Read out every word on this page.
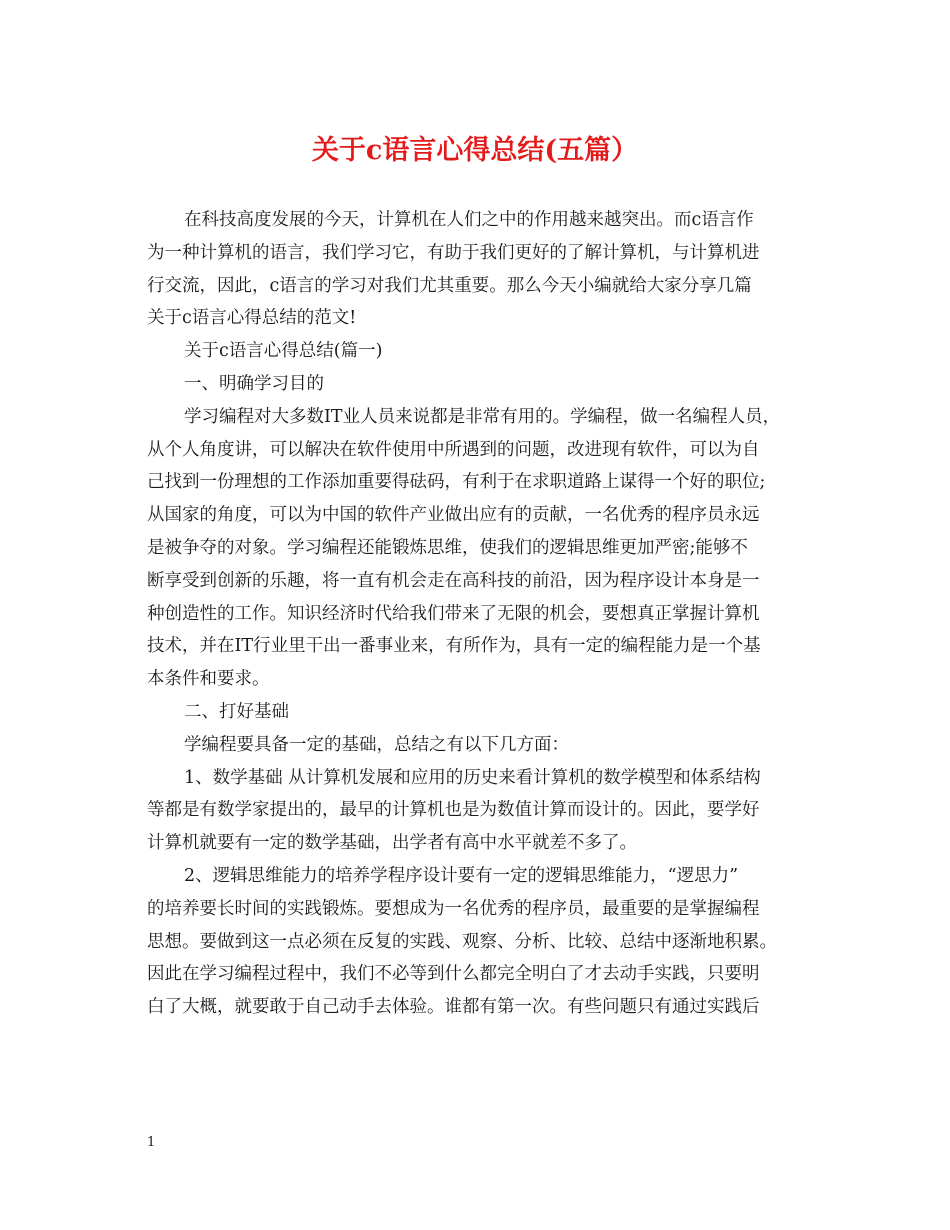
关于c语言心得总结(五篇）
在科技高度发展的今天，计算机在人们之中的作用越来越突出。而c语言作
为一种计算机的语言，我们学习它，有助于我们更好的了解计算机，与计算机进
行交流，因此，c语言的学习对我们尤其重要。那么今天小编就给大家分享几篇
关于c语言心得总结的范文!
关于c语言心得总结(篇一)
一、明确学习目的
学习编程对大多数IT业人员来说都是非常有用的。学编程，做一名编程人员，
从个人角度讲，可以解决在软件使用中所遇到的问题，改进现有软件，可以为自
己找到一份理想的工作添加重要得砝码，有利于在求职道路上谋得一个好的职位;
从国家的角度，可以为中国的软件产业做出应有的贡献，一名优秀的程序员永远
是被争夺的对象。学习编程还能锻炼思维，使我们的逻辑思维更加严密;能够不
断享受到创新的乐趣，将一直有机会走在高科技的前沿，因为程序设计本身是一
种创造性的工作。知识经济时代给我们带来了无限的机会，要想真正掌握计算机
技术，并在IT行业里干出一番事业来，有所作为，具有一定的编程能力是一个基
本条件和要求。
二、打好基础
学编程要具备一定的基础，总结之有以下几方面：
1、数学基础 从计算机发展和应用的历史来看计算机的数学模型和体系结构
等都是有数学家提出的，最早的计算机也是为数值计算而设计的。因此，要学好
计算机就要有一定的数学基础，出学者有高中水平就差不多了。
2、逻辑思维能力的培养学程序设计要有一定的逻辑思维能力，“逻思力”
的培养要长时间的实践锻炼。要想成为一名优秀的程序员，最重要的是掌握编程
思想。要做到这一点必须在反复的实践、观察、分析、比较、总结中逐渐地积累。
因此在学习编程过程中，我们不必等到什么都完全明白了才去动手实践，只要明
白了大概，就要敢于自己动手去体验。谁都有第一次。有些问题只有通过实践后
1
